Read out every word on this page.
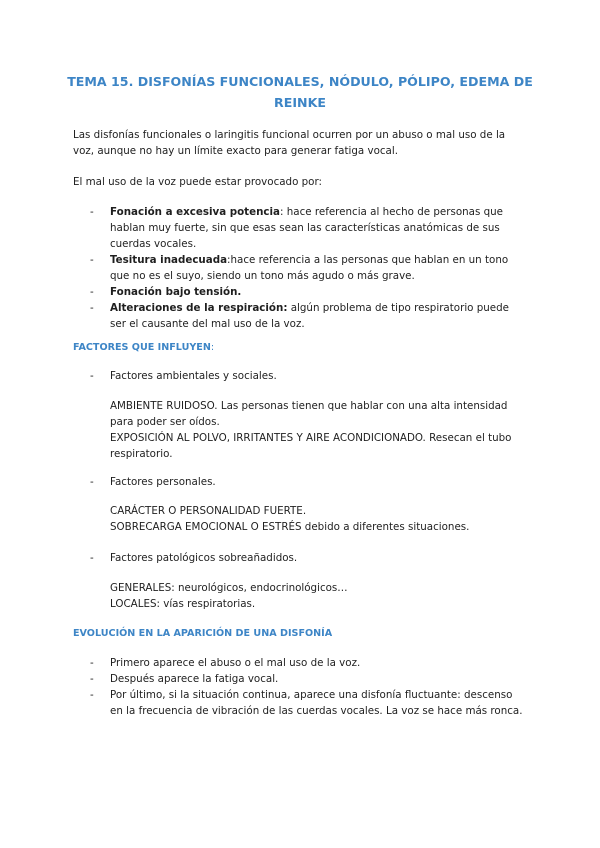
TEMA 15. DISFONÍAS FUNCIONALES, NÓDULO, PÓLIPO, EDEMA DE REINKE

Las disfonías funcionales o laringitis funcional ocurren por un abuso o mal uso de la voz, aunque no hay un límite exacto para generar fatiga vocal.

El mal uso de la voz puede estar provocado por:

- Fonación a excesiva potencia: hace referencia al hecho de personas que hablan muy fuerte, sin que esas sean las características anatómicas de sus cuerdas vocales.
- Tesitura inadecuada:hace referencia a las personas que hablan en un tono que no es el suyo, siendo un tono más agudo o más grave.
- Fonación bajo tensión.
- Alteraciones de la respiración: algún problema de tipo respiratorio puede ser el causante del mal uso de la voz.
FACTORES QUE INFLUYEN:
- Factores ambientales y sociales.

AMBIENTE RUIDOSO. Las personas tienen que hablar con una alta intensidad para poder ser oídos.

EXPOSICIÓN AL POLVO, IRRITANTES Y AIRE ACONDICIONADO. Resecan el tubo respiratorio.

- Factores personales.

CARÁCTER O PERSONALIDAD FUERTE.

SOBRECARGA EMOCIONAL O ESTRÉS debido a diferentes situaciones.

- Factores patológicos sobreañadidos.

GENERALES: neurológicos, endocrinológicos…

LOCALES: vías respiratorias.

EVOLUCIÓN EN LA APARICIÓN DE UNA DISFONÍA
- Primero aparece el abuso o el mal uso de la voz.
- Después aparece la fatiga vocal.
- Por último, si la situación continua, aparece una disfonía fluctuante: descenso en la frecuencia de vibración de las cuerdas vocales. La voz se hace más ronca.
